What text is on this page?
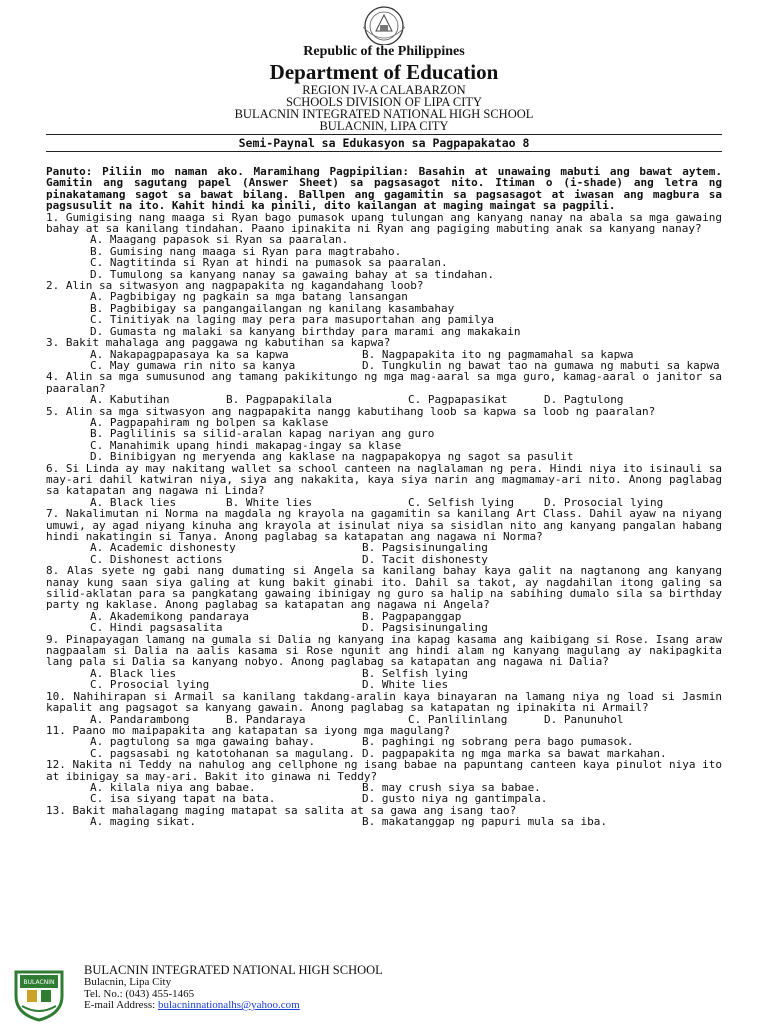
Republic of the Philippines
Department of Education
REGION IV-A CALABARZON
SCHOOLS DIVISION OF LIPA CITY
BULACNIN INTEGRATED NATIONAL HIGH SCHOOL
BULACNIN, LIPA CITY
Semi-Paynal sa Edukasyon sa Pagpapakatao 8

Panuto: Piliin mo naman ako. Maramihang Pagpipilian: Basahin at unawaing mabuti ang bawat aytem. Gamitin ang sagutang papel (Answer Sheet) sa pagsasagot nito. Itiman o (i-shade) ang letra ng pinakatamang sagot sa bawat bilang. Ballpen ang gagamitin sa pagsasagot at iwasan ang magbura sa pagsusulit na ito. Kahit hindi ka pinili, dito kailangan at maging maingat sa pagpili.

1. Gumigising nang maaga si Ryan bago pumasok upang tulungan ang kanyang nanay na abala sa mga gawaing bahay at sa kanilang tindahan. Paano ipinakita ni Ryan ang pagiging mabuting anak sa kanyang nanay?

A. Maagang papasok si Ryan sa paaralan.
B. Gumising nang maaga si Ryan para magtrabaho.
C. Nagtitinda si Ryan at hindi na pumasok sa paaralan.
D. Tumulong sa kanyang nanay sa gawaing bahay at sa tindahan.

2. Alin sa sitwasyon ang nagpapakita ng kagandahang loob?

A. Pagbibigay ng pagkain sa mga batang lansangan
B. Pagbibigay sa pangangailangan ng kanilang kasambahay
C. Tinitiyak na laging may pera para masuportahan ang pamilya
D. Gumasta ng malaki sa kanyang birthday para marami ang makakain

3. Bakit mahalaga ang paggawa ng kabutihan sa kapwa?

A. Nakapagpapasaya ka sa kapwa	B. Nagpapakita ito ng pagmamahal sa kapwa
C. May gumawa rin nito sa kanya	D. Tungkulin ng bawat tao na gumawa ng mabuti sa kapwa

4. Alin sa mga sumusunod ang tamang pakikitungo ng mga mag-aaral sa mga guro, kamag-aaral o janitor sa paaralan?

A. Kabutihan	B. Pagpapakilala	C. Pagpapasikat	D. Pagtulong

5. Alin sa mga sitwasyon ang nagpapakita nangg kabutihang loob sa kapwa sa loob ng paaralan?

A. Pagpapahiram ng bolpen sa kaklase
B. Paglilinis sa silid-aralan kapag nariyan ang guro
C. Manahimik upang hindi makapag-ingay sa klase
D. Binibigyan ng meryenda ang kaklase na nagpapakopya ng sagot sa pasulit

6. Si Linda ay may nakitang wallet sa school canteen na naglalaman ng pera. Hindi niya ito isinauli sa may-ari dahil katwiran niya, siya ang nakakita, kaya siya narin ang magmamay-ari nito. Anong paglabag sa katapatan ang nagawa ni Linda?

A. Black lies	B. White lies	C. Selfish lying	D. Prosocial lying

7. Nakalimutan ni Norma na magdala ng krayola na gagamitin sa kanilang Art Class. Dahil ayaw na niyang umuwi, ay agad niyang kinuha ang krayola at isinulat niya sa sisidlan nito ang kanyang pangalan habang hindi nakatingin si Tanya. Anong paglabag sa katapatan ang nagawa ni Norma?

A. Academic dishonesty	B. Pagsisinungaling
C. Dishonest actions	D. Tacit dishonesty

8. Alas syete ng gabi nang dumating si Angela sa kanilang bahay kaya galit na nagtanong ang kanyang nanay kung saan siya galing at kung bakit ginabi ito. Dahil sa takot, ay nagdahilan itong galing sa silid-aklatan para sa pangkatang gawaing ibinigay ng guro sa halip na sabihing dumalo sila sa birthday party ng kaklase. Anong paglabag sa katapatan ang nagawa ni Angela?

A. Akademikong pandaraya	B. Pagpapanggap
C. Hindi pagsasalita	D. Pagsisinungaling

9. Pinapayagan lamang na gumala si Dalia ng kanyang ina kapag kasama ang kaibigang si Rose. Isang araw nagpaalam si Dalia na aalis kasama si Rose ngunit ang hindi alam ng kanyang magulang ay nakipagkita lang pala si Dalia sa kanyang nobyo. Anong paglabag sa katapatan ang nagawa ni Dalia?

A. Black lies	B. Selfish lying
C. Prosocial lying	D. White lies

10. Nahihirapan si Armail sa kanilang takdang-aralin kaya binayaran na lamang niya ng load si Jasmin kapalit ang pagsagot sa kanyang gawain. Anong paglabag sa katapatan ng ipinakita ni Armail?

A. Pandarambong	B. Pandaraya	C. Panlilinlang	D. Panunuhol

11. Paano mo maipapakita ang katapatan sa iyong mga magulang?

A. pagtulong sa mga gawaing bahay.	B. paghingi ng sobrang pera bago pumasok.
C. pagsasabi ng katotohanan sa magulang. D. pagpapakita ng mga marka sa bawat markahan.

12. Nakita ni Teddy na nahulog ang cellphone ng isang babae na papuntang canteen kaya pinulot niya ito at ibinigay sa may-ari. Bakit ito ginawa ni Teddy?

A. kilala niya ang babae.	B. may crush siya sa babae.
C. isa siyang tapat na bata.	D. gusto niya ng gantimpala.

13. Bakit mahalagang maging matapat sa salita at sa gawa ang isang tao?

A. maging sikat.	B. makatanggap ng papuri mula sa iba.
BULACNIN
BULACNIN INTEGRATED NATIONAL HIGH SCHOOL
Bulacnin, Lipa City
Tel. No.: (043) 455-1465
E-mail Address: bulacninnationalhs@yahoo.com
